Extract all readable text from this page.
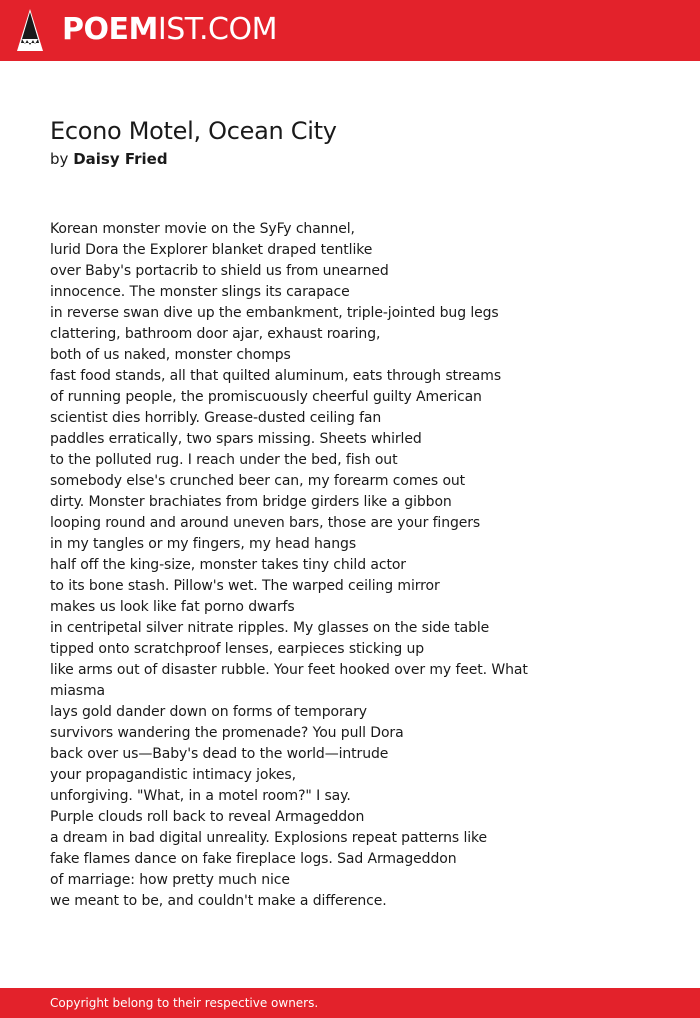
POEMIST.COM
Econo Motel, Ocean City
by Daisy Fried
Korean monster movie on the SyFy channel,
lurid Dora the Explorer blanket draped tentlike
over Baby's portacrib to shield us from unearned
innocence. The monster slings its carapace
in reverse swan dive up the embankment, triple-jointed bug legs
clattering, bathroom door ajar, exhaust roaring,
both of us naked, monster chomps
fast food stands, all that quilted aluminum, eats through streams
of running people, the promiscuously cheerful guilty American
scientist dies horribly. Grease-dusted ceiling fan
paddles erratically, two spars missing. Sheets whirled
to the polluted rug. I reach under the bed, fish out
somebody else's crunched beer can, my forearm comes out
dirty. Monster brachiates from bridge girders like a gibbon
looping round and around uneven bars, those are your fingers
in my tangles or my fingers, my head hangs
half off the king-size, monster takes tiny child actor
to its bone stash. Pillow's wet. The warped ceiling mirror
makes us look like fat porno dwarfs
in centripetal silver nitrate ripples. My glasses on the side table
tipped onto scratchproof lenses, earpieces sticking up
like arms out of disaster rubble. Your feet hooked over my feet. What
miasma
lays gold dander down on forms of temporary
survivors wandering the promenade? You pull Dora
back over us—Baby's dead to the world—intrude
your propagandistic intimacy jokes,
unforgiving. "What, in a motel room?" I say.
Purple clouds roll back to reveal Armageddon
a dream in bad digital unreality. Explosions repeat patterns like
fake flames dance on fake fireplace logs. Sad Armageddon
of marriage: how pretty much nice
we meant to be, and couldn't make a difference.
Copyright belong to their respective owners.
